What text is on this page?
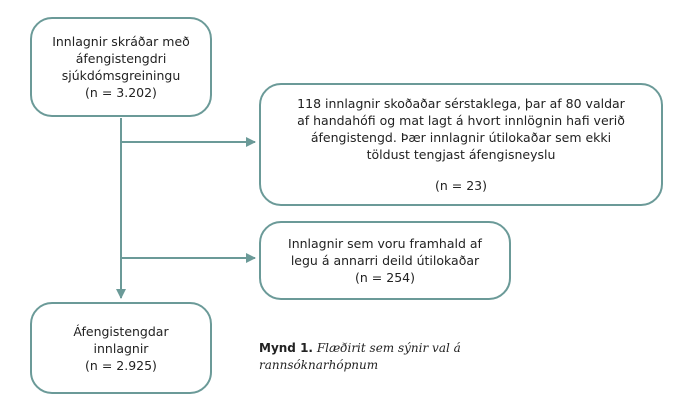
Innlagnir skráðar með
áfengistengdri
sjúkdómsgreiningu
(n = 3.202)
118 innlagnir skoðaðar sérstaklega, þar af 80 valdar
af handahófi og mat lagt á hvort innlögnin hafi verið
áfengistengd. Þær innlagnir útilokaðar sem ekki
töldust tengjast áfengisneyslu
(n = 23)
Innlagnir sem voru framhald af
legu á annarri deild útilokaðar
(n = 254)
Áfengistengdar
innlagnir
(n = 2.925)
Mynd 1. Flæðirit sem sýnir val á rannsóknarhópnum
